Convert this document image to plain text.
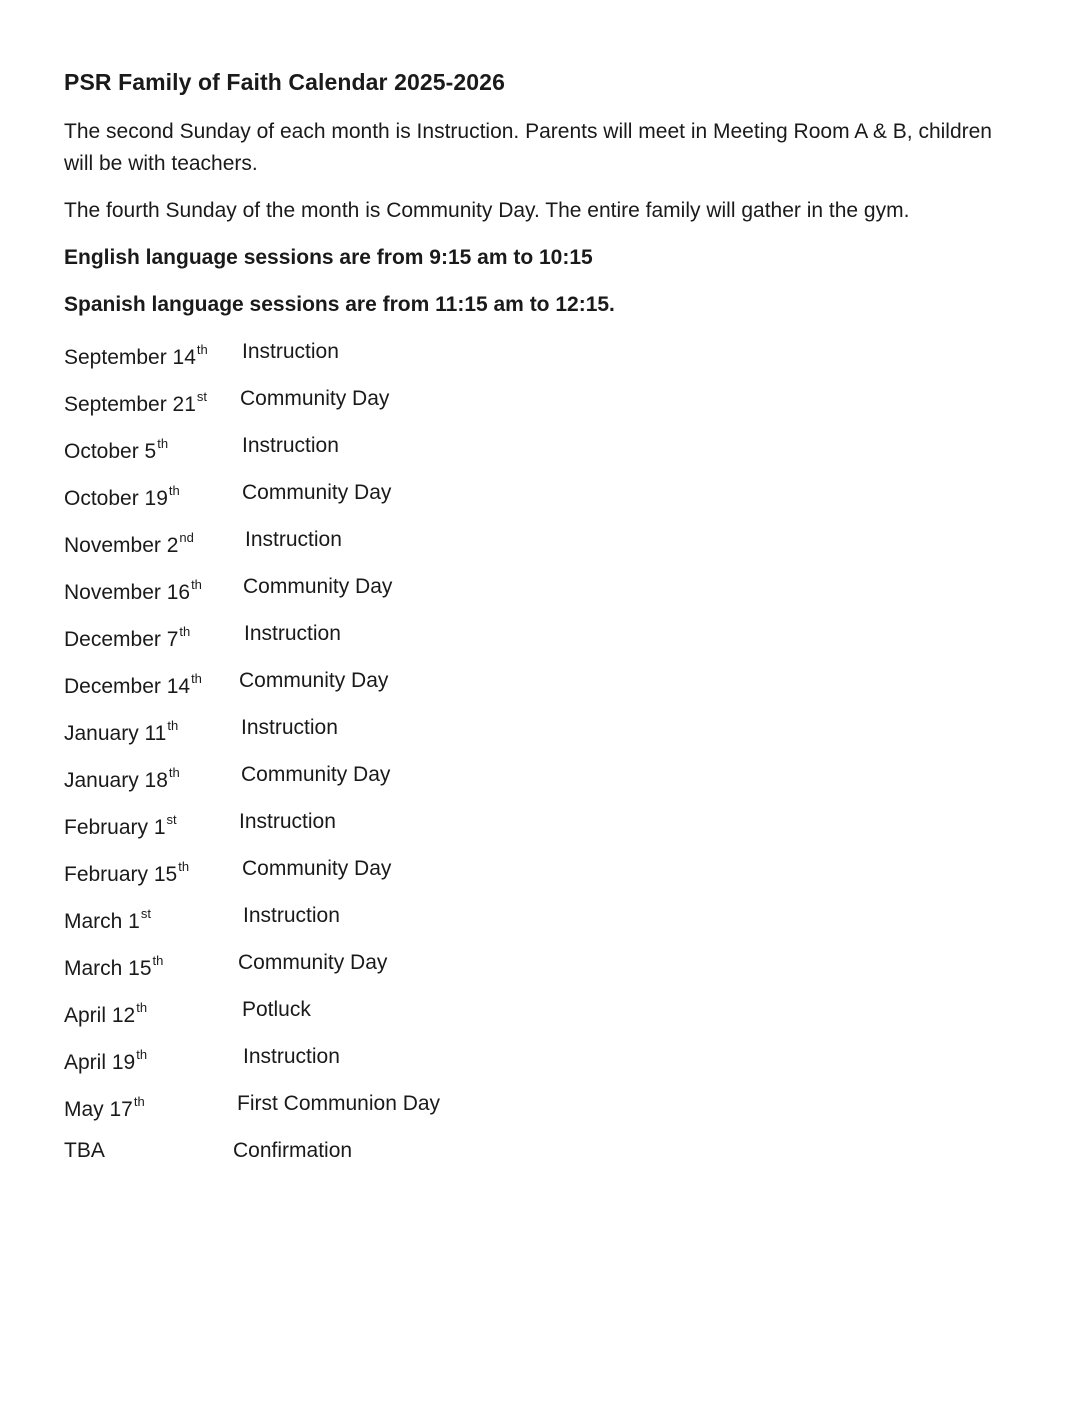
PSR Family of Faith Calendar 2025-2026

The second Sunday of each month is Instruction. Parents will meet in Meeting Room A & B, children will be with teachers.

The fourth Sunday of the month is Community Day. The entire family will gather in the gym.

English language sessions are from 9:15 am to 10:15

Spanish language sessions are from 11:15 am to 12:15.

September 14th Instruction
September 21st Community Day
October 5th	Instruction
October 19th	Community Day
November 2nd Instruction
November 16th Community Day
December 7th	Instruction
December 14th Community Day
January 11th	Instruction
January 18th	Community Day
February 1st	Instruction
February 15th	Community Day
March 1st	Instruction
March 15th	Community Day
April 12th	Potluck
April 19th	Instruction
May 17th	First Communion Day
TBA	Confirmation
